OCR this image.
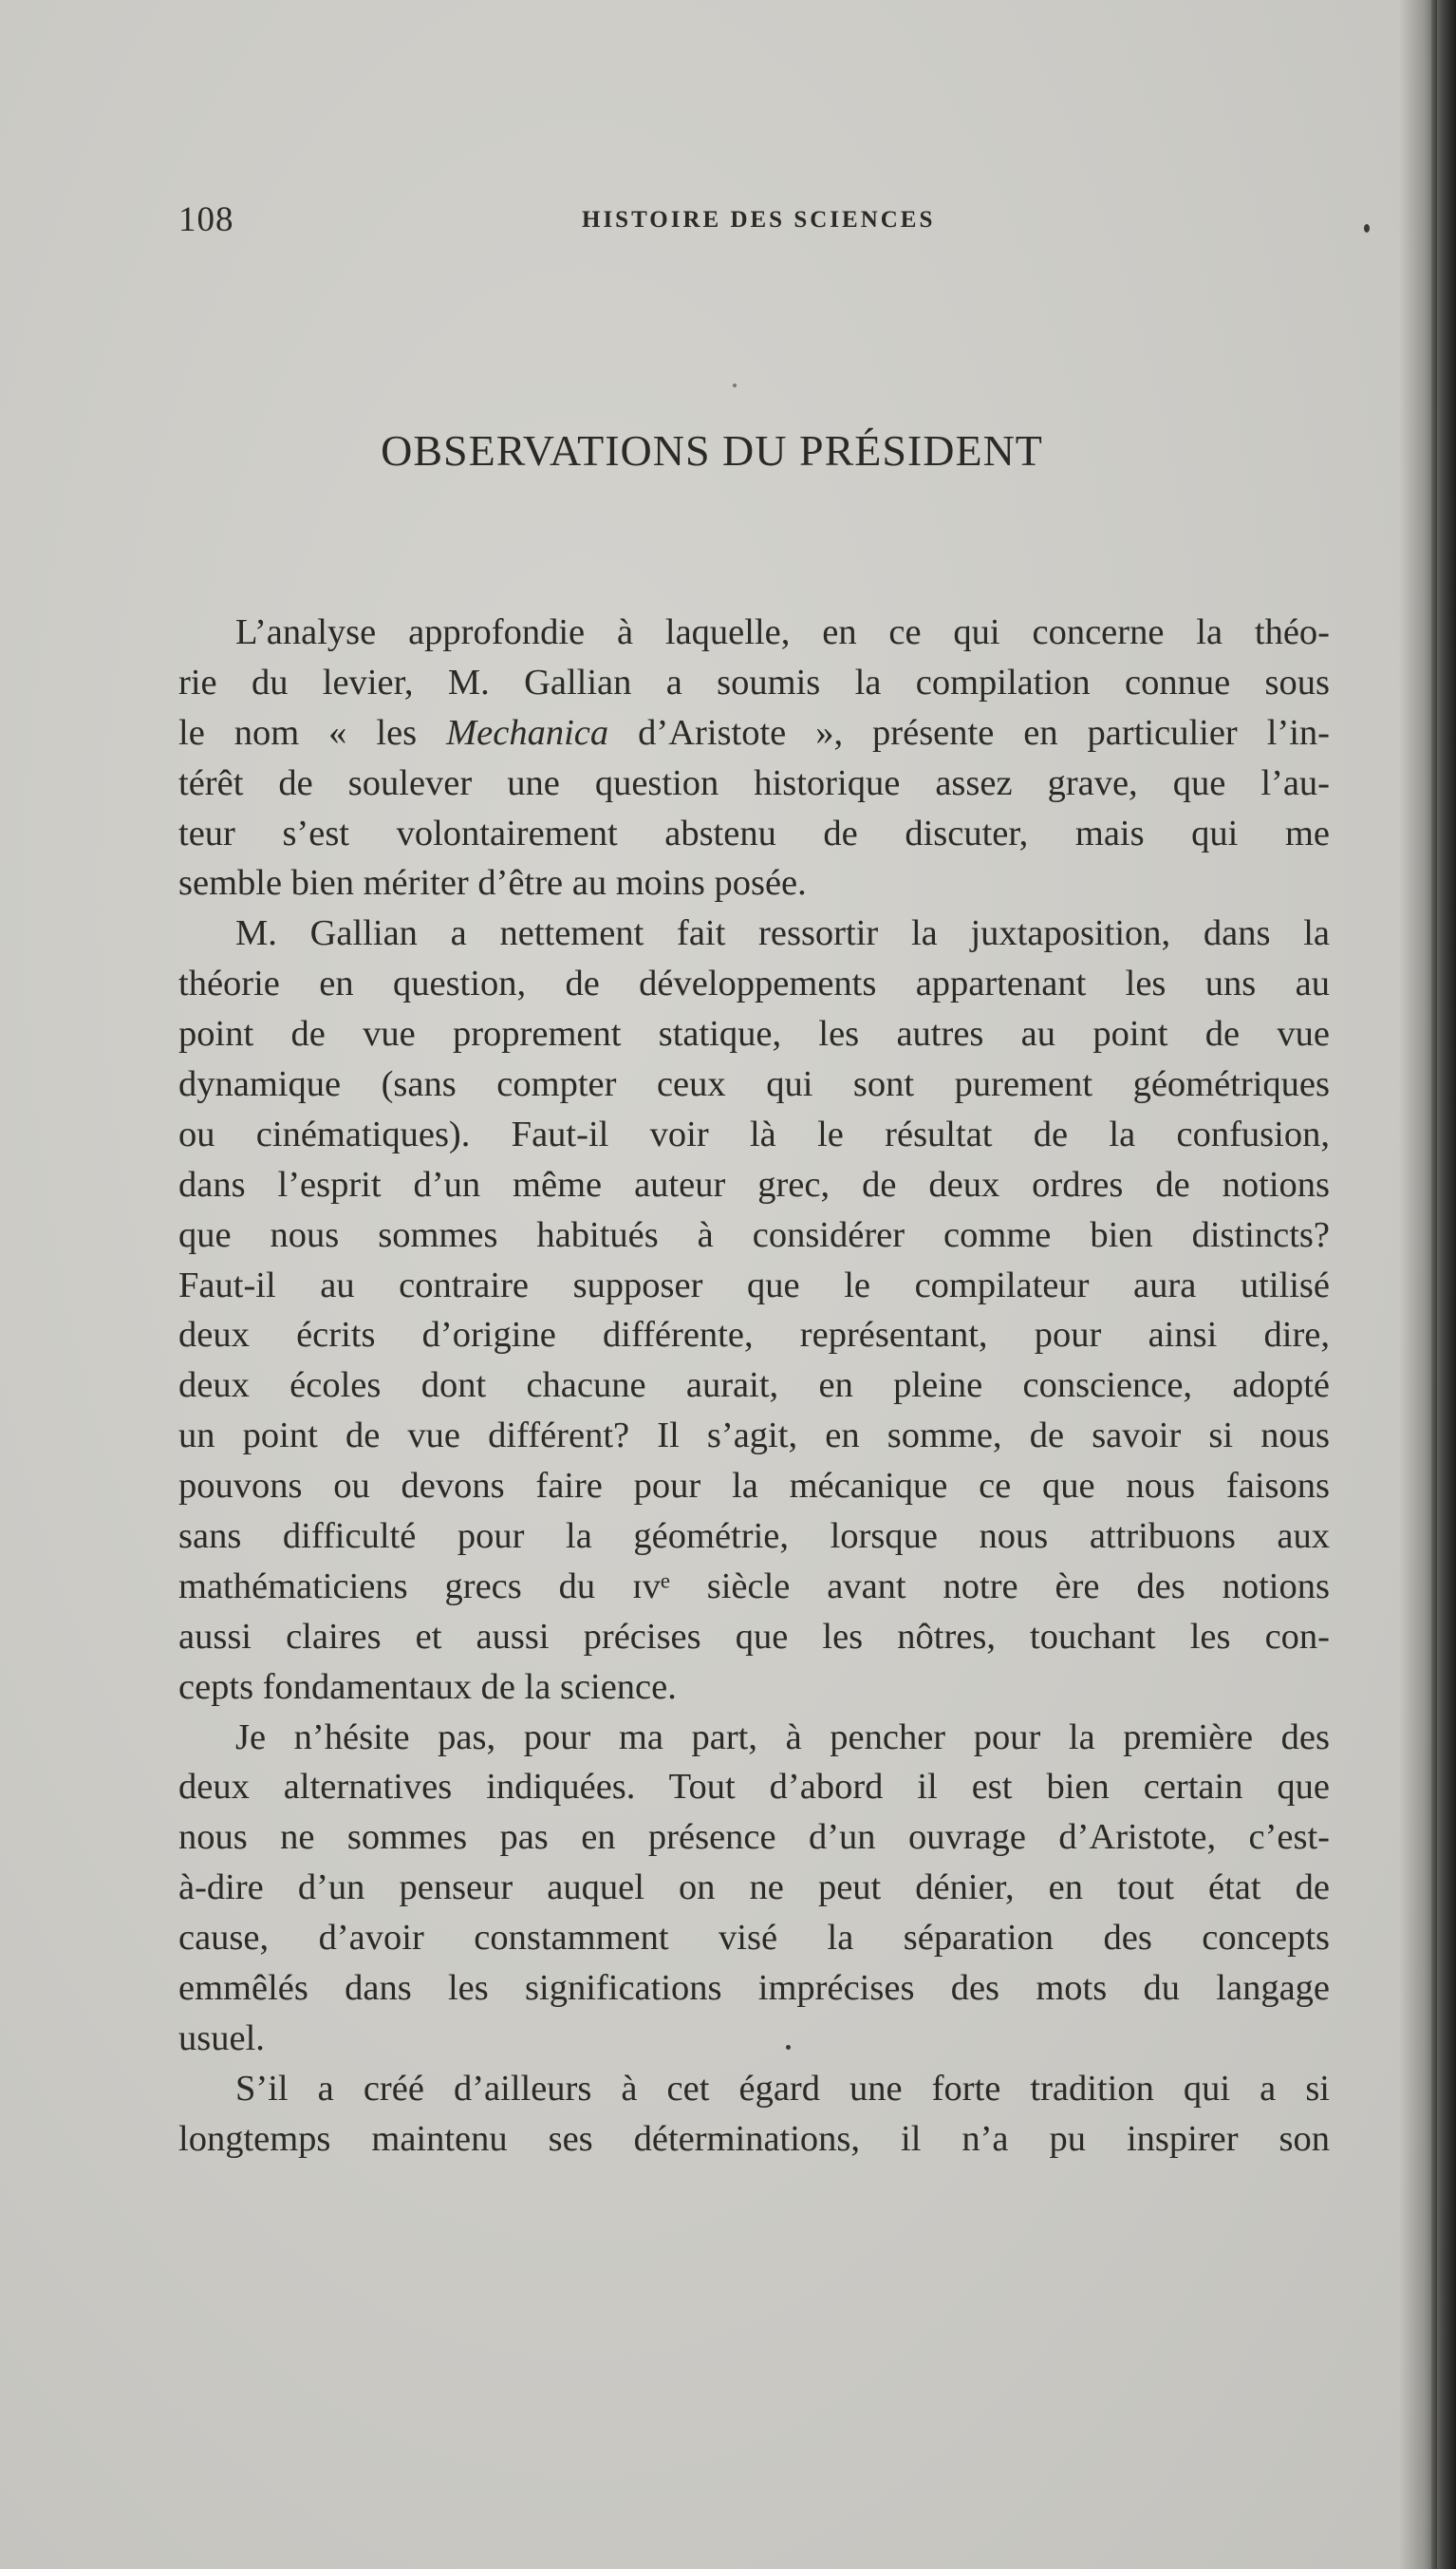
108	HISTOIRE DES SCIENCES
OBSERVATIONS DU PRÉSIDENT

L’analyse approfondie à laquelle, en ce qui concerne la théo-
rie du levier, M. Gallian a soumis la compilation connue sous
le nom « les Mechanica d’Aristote », présente en particulier l’in-
térêt de soulever une question historique assez grave, que l’au-
teur s’est volontairement abstenu de discuter, mais qui me
semble bien mériter d’être au moins posée.

M. Gallian a nettement fait ressortir la juxtaposition, dans la
théorie en question, de développements appartenant les uns au
point de vue proprement statique, les autres au point de vue
dynamique (sans compter ceux qui sont purement géométriques
ou cinématiques). Faut-il voir là le résultat de la confusion,
dans l’esprit d’un même auteur grec, de deux ordres de notions
que nous sommes habitués à considérer comme bien distincts?
Faut-il au contraire supposer que le compilateur aura utilisé
deux écrits d’origine différente, représentant, pour ainsi dire,
deux écoles dont chacune aurait, en pleine conscience, adopté
un point de vue différent? Il s’agit, en somme, de savoir si nous
pouvons ou devons faire pour la mécanique ce que nous faisons
sans difficulté pour la géométrie, lorsque nous attribuons aux
mathématiciens grecs du ɪvᵉ siècle avant notre ère des notions
aussi claires et aussi précises que les nôtres, touchant les con-
cepts fondamentaux de la science.

Je n’hésite pas, pour ma part, à pencher pour la première des
deux alternatives indiquées. Tout d’abord il est bien certain que
nous ne sommes pas en présence d’un ouvrage d’Aristote, c’est-
à-dire d’un penseur auquel on ne peut dénier, en tout état de
cause, d’avoir constamment visé la séparation des concepts
emmêlés dans les significations imprécises des mots du langage
usuel.

S’il a créé d’ailleurs à cet égard une forte tradition qui a si
longtemps maintenu ses déterminations, il n’a pu inspirer son
